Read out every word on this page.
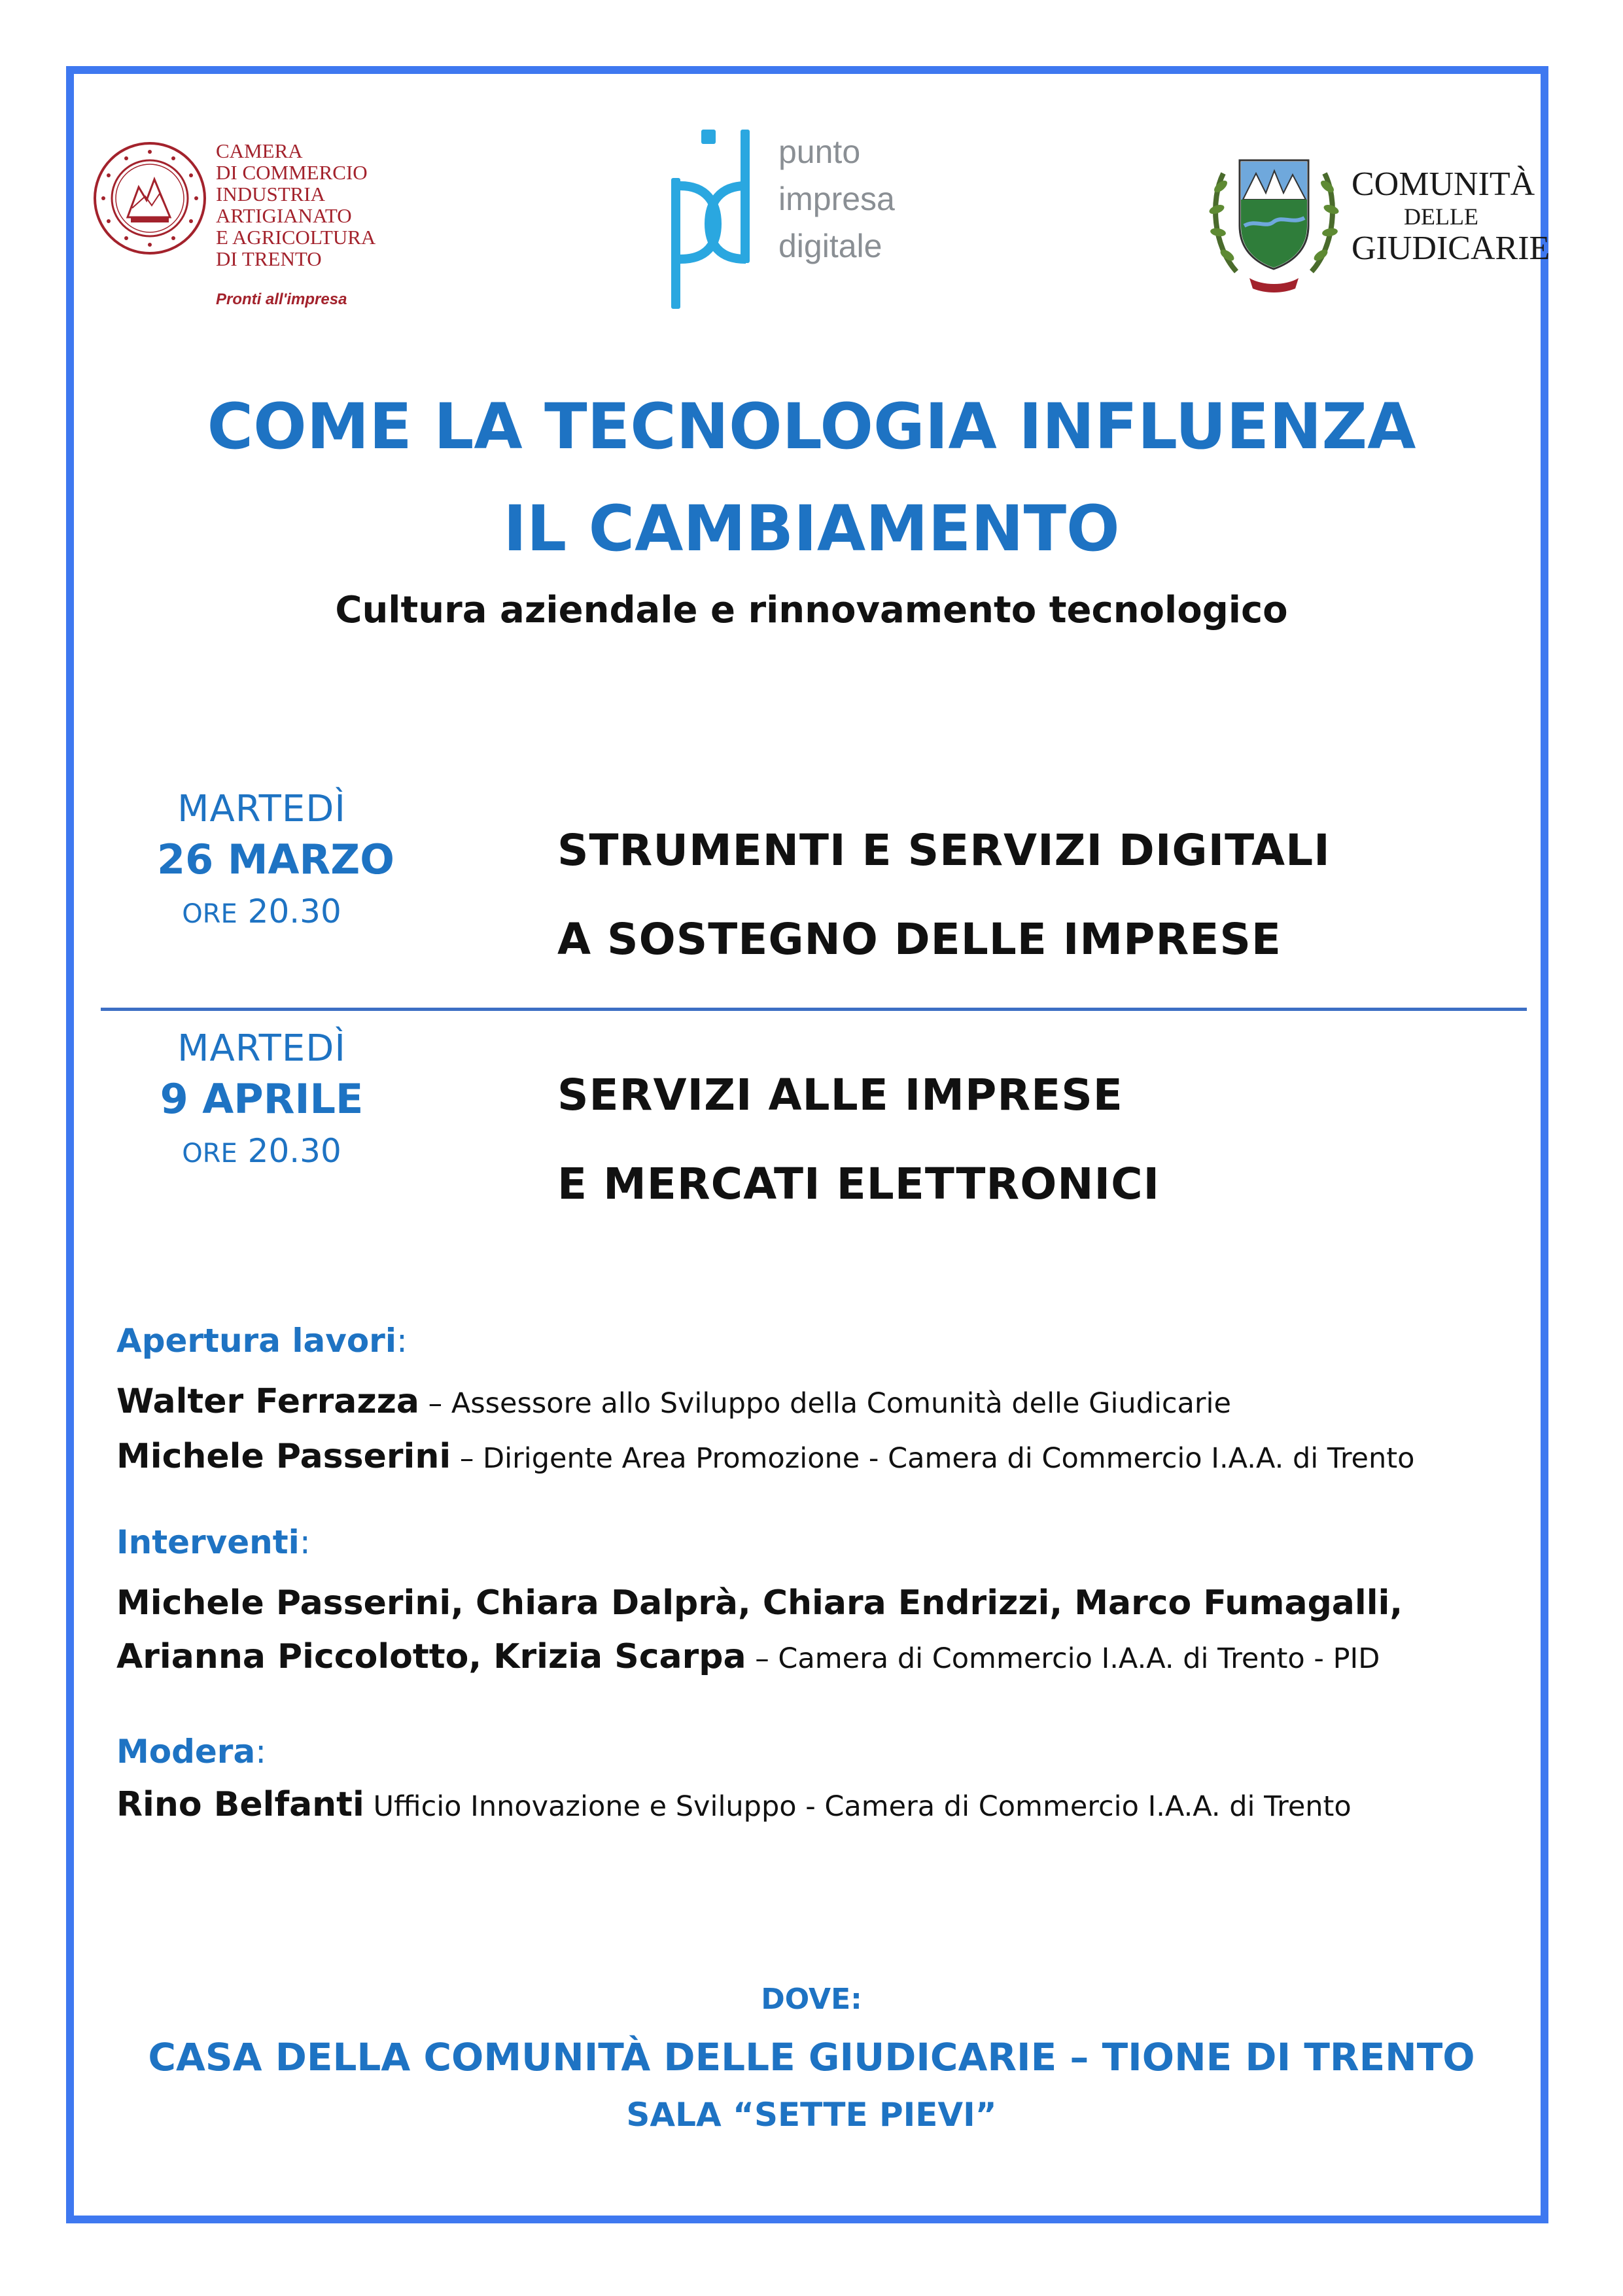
CAMERA
DI COMMERCIO
INDUSTRIA
ARTIGIANATO
E AGRICOLTURA
DI TRENTO
Pronti all'impresa
punto
impresa
digitale
COMUNITÀ
DELLE
GIUDICARIE
COME LA TECNOLOGIA INFLUENZA
IL CAMBIAMENTO
Cultura aziendale e rinnovamento tecnologico
MARTEDÌ
26 MARZO
ORE 20.30
STRUMENTI E SERVIZI DIGITALI
A SOSTEGNO DELLE IMPRESE
MARTEDÌ
9 APRILE
ORE 20.30
SERVIZI ALLE IMPRESE
E MERCATI ELETTRONICI
Apertura lavori:
Walter Ferrazza – Assessore allo Sviluppo della Comunità delle Giudicarie
Michele Passerini – Dirigente Area Promozione - Camera di Commercio I.A.A. di Trento
Interventi:
Michele Passerini, Chiara Dalprà, Chiara Endrizzi, Marco Fumagalli,
Arianna Piccolotto, Krizia Scarpa – Camera di Commercio I.A.A. di Trento - PID
Modera:
Rino Belfanti Ufficio Innovazione e Sviluppo - Camera di Commercio I.A.A. di Trento
DOVE:
CASA DELLA COMUNITÀ DELLE GIUDICARIE – TIONE DI TRENTO
SALA “SETTE PIEVI”
